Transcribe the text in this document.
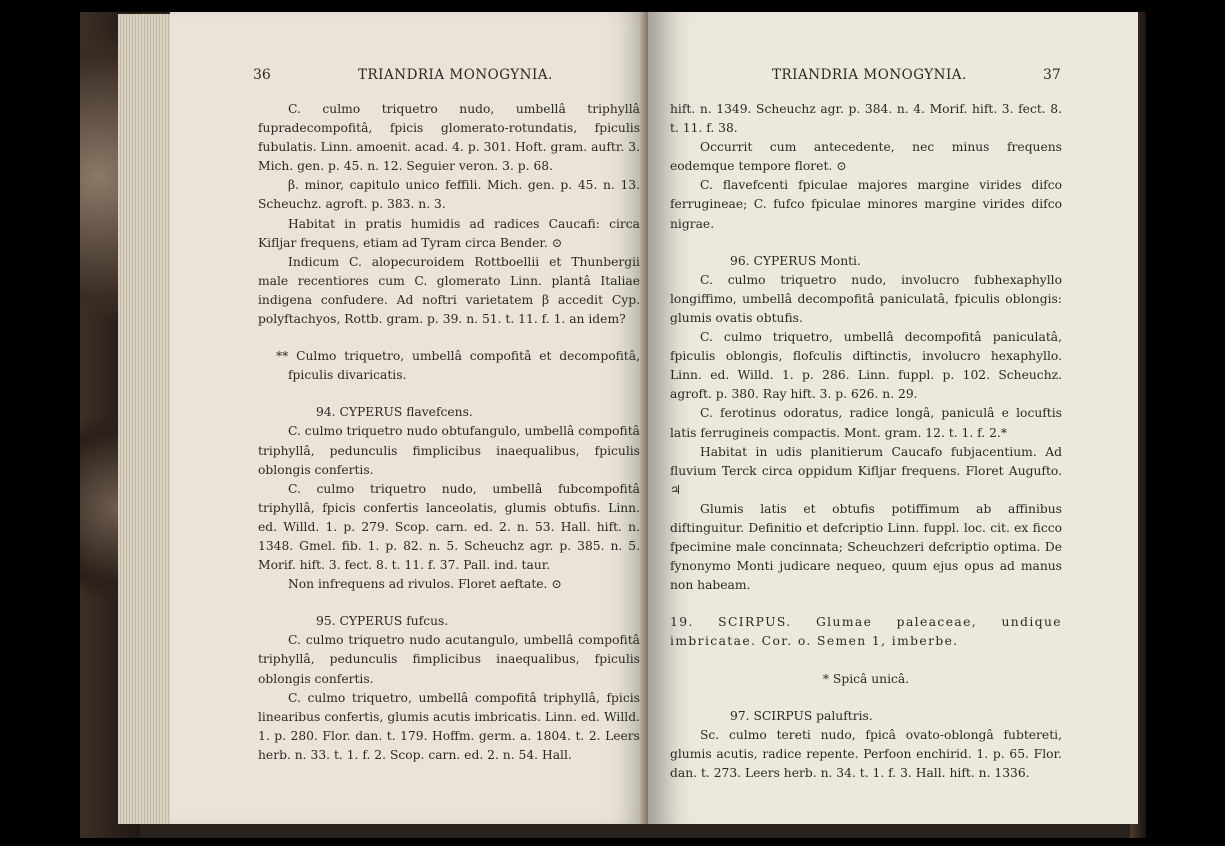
36	TRIANDRIA MONOGYNIA.

C. culmo triquetro nudo, umbellâ triphyllâ fupradecompofitâ, fpicis glomerato-rotundatis, fpiculis fubulatis. Linn. amoenit. acad. 4. p. 301. Hoft. gram. auftr. 3. Mich. gen. p. 45. n. 12. Seguier veron. 3. p. 68.

β. minor, capitulo unico feffili. Mich. gen. p. 45. n. 13. Scheuchz. agroft. p. 383. n. 3.

Habitat in pratis humidis ad radices Caucafi: circa Kifljar frequens, etiam ad Tyram circa Bender. ⊙

Indicum C. alopecuroidem Rottboellii et Thunbergii male recentiores cum C. glomerato Linn. plantâ Italiae indigena confudere. Ad noftri varietatem β accedit Cyp. polyftachyos, Rottb. gram. p. 39. n. 51. t. 11. f. 1. an idem?

** Culmo triquetro, umbellâ compofitâ et decompofitâ, fpiculis divaricatis.

94. CYPERUS flavefcens.

C. culmo triquetro nudo obtufangulo, umbellâ compofitâ triphyllâ, pedunculis fimplicibus inaequalibus, fpiculis oblongis confertis.

C. culmo triquetro nudo, umbellâ fubcompofitâ triphyllâ, fpicis confertis lanceolatis, glumis obtufis. Linn. ed. Willd. 1. p. 279. Scop. carn. ed. 2. n. 53. Hall. hift. n. 1348. Gmel. fib. 1. p. 82. n. 5. Scheuchz agr. p. 385. n. 5. Morif. hift. 3. fect. 8. t. 11. f. 37. Pall. ind. taur.

Non infrequens ad rivulos. Floret aeftate. ⊙

95. CYPERUS fufcus.

C. culmo triquetro nudo acutangulo, umbellâ compofitâ triphyllâ, pedunculis fimplicibus inaequalibus, fpiculis oblongis confertis.

C. culmo triquetro, umbellâ compofitâ triphyllâ, fpicis linearibus confertis, glumis acutis imbricatis. Linn. ed. Willd. 1. p. 280. Flor. dan. t. 179. Hoffm. germ. a. 1804. t. 2. Leers herb. n. 33. t. 1. f. 2. Scop. carn. ed. 2. n. 54. Hall.

TRIANDRIA MONOGYNIA.	37

hift. n. 1349. Scheuchz agr. p. 384. n. 4. Morif. hift. 3. fect. 8. t. 11. f. 38.

Occurrit cum antecedente, nec minus frequens eodemque tempore floret. ⊙

C. flavefcenti fpiculae majores margine virides difco ferrugineae; C. fufco fpiculae minores margine virides difco nigrae.

96. CYPERUS Monti.

C. culmo triquetro nudo, involucro fubhexaphyllo longiffimo, umbellâ decompofitâ paniculatâ, fpiculis oblongis: glumis ovatis obtufis.

C. culmo triquetro, umbellâ decompofitâ paniculatâ, fpiculis oblongis, flofculis diftinctis, involucro hexaphyllo. Linn. ed. Willd. 1. p. 286. Linn. fuppl. p. 102. Scheuchz. agroft. p. 380. Ray hift. 3. p. 626. n. 29.

C. ferotinus odoratus, radice longâ, paniculâ e locuftis latis ferrugineis compactis. Mont. gram. 12. t. 1. f. 2.*

Habitat in udis planitierum Caucafo fubjacentium. Ad fluvium Terck circa oppidum Kifljar frequens. Floret Augufto. ♃

Glumis latis et obtufis potiffimum ab affinibus diftinguitur. Definitio et defcriptio Linn. fuppl. loc. cit. ex ficco fpecimine male concinnata; Scheuchzeri defcriptio optima. De fynonymo Monti judicare nequeo, quum ejus opus ad manus non habeam.

19. SCIRPUS. Glumae paleaceae, undique imbricatae. Cor. o. Semen 1, imberbe.

* Spicâ unicâ.

97. SCIRPUS paluftris.

Sc. culmo tereti nudo, fpicâ ovato-oblongâ fubtereti, glumis acutis, radice repente. Perfoon enchirid. 1. p. 65. Flor. dan. t. 273. Leers herb. n. 34. t. 1. f. 3. Hall. hift. n. 1336.
